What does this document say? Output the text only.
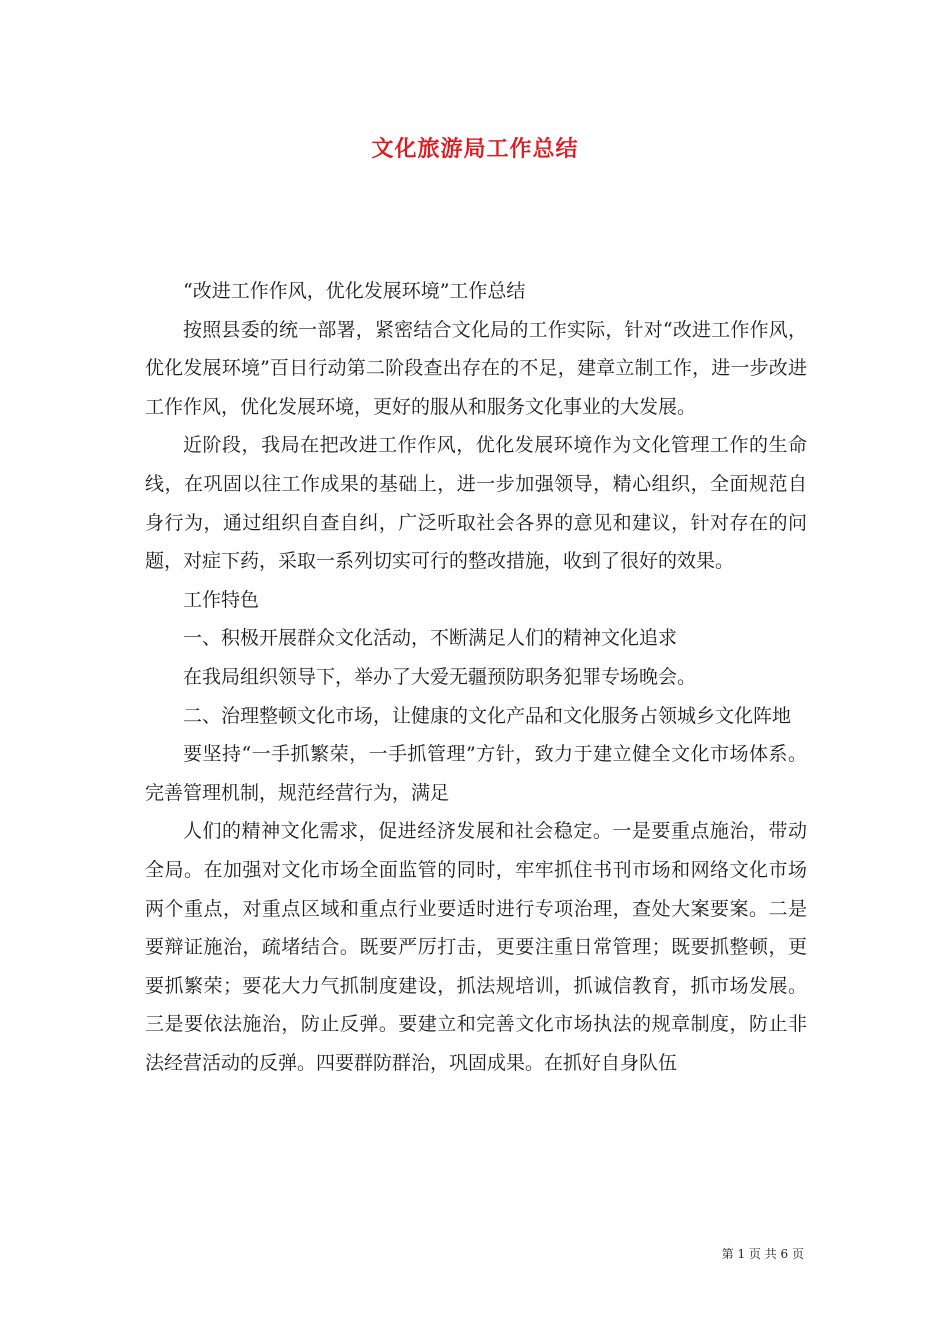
文化旅游局工作总结

“改进工作作风，优化发展环境”工作总结

按照县委的统一部署，紧密结合文化局的工作实际，针对“改进工作作风，优化发展环境”百日行动第二阶段查出存在的不足，建章立制工作，进一步改进工作作风，优化发展环境，更好的服从和服务文化事业的大发展。

近阶段，我局在把改进工作作风，优化发展环境作为文化管理工作的生命线，在巩固以往工作成果的基础上，进一步加强领导，精心组织，全面规范自身行为，通过组织自查自纠，广泛听取社会各界的意见和建议，针对存在的问题，对症下药，采取一系列切实可行的整改措施，收到了很好的效果。

工作特色

一、积极开展群众文化活动，不断满足人们的精神文化追求

在我局组织领导下，举办了大爱无疆预防职务犯罪专场晚会。

二、治理整顿文化市场，让健康的文化产品和文化服务占领城乡文化阵地

要坚持“一手抓繁荣，一手抓管理”方针，致力于建立健全文化市场体系。完善管理机制，规范经营行为，满足

人们的精神文化需求，促进经济发展和社会稳定。一是要重点施治，带动全局。在加强对文化市场全面监管的同时，牢牢抓住书刊市场和网络文化市场两个重点，对重点区域和重点行业要适时进行专项治理，查处大案要案。二是要辩证施治，疏堵结合。既要严厉打击，更要注重日常管理；既要抓整顿，更要抓繁荣；要花大力气抓制度建设，抓法规培训，抓诚信教育，抓市场发展。三是要依法施治，防止反弹。要建立和完善文化市场执法的规章制度，防止非法经营活动的反弹。四要群防群治，巩固成果。在抓好自身队伍

第 1 页 共 6 页
